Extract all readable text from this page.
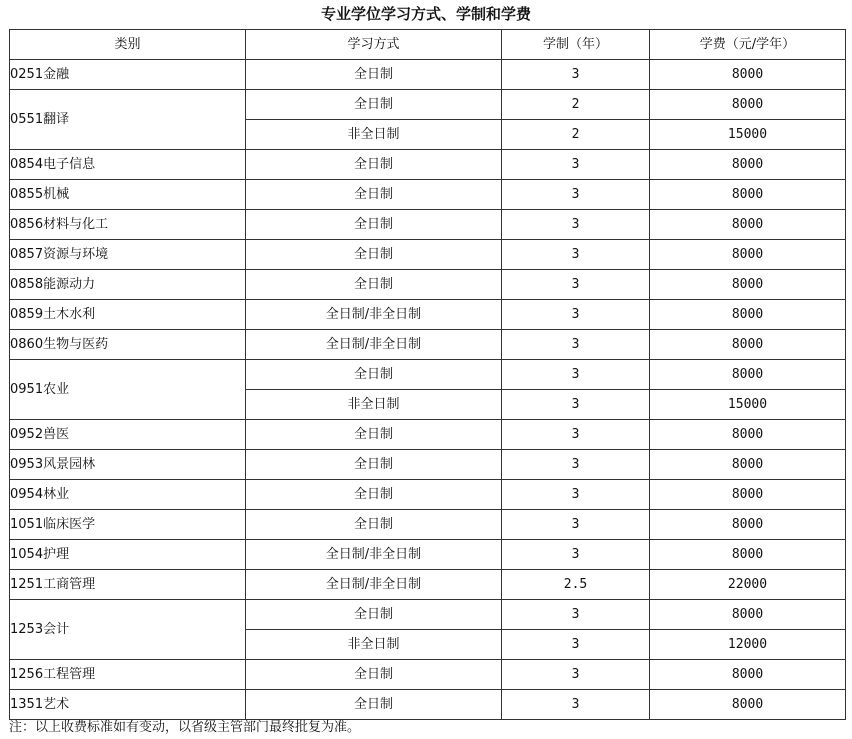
专业学位学习方式、学制和学费
类别	学习方式	学制（年）	学费（元/学年）
0251金融	全日制	3	8000
0551翻译	全日制	2	8000
	非全日制	2	15000
0854电子信息	全日制	3	8000
0855机械	全日制	3	8000
0856材料与化工	全日制	3	8000
0857资源与环境	全日制	3	8000
0858能源动力	全日制	3	8000
0859土木水利	全日制/非全日制	3	8000
0860生物与医药	全日制/非全日制	3	8000
0951农业	全日制	3	8000
	非全日制	3	15000
0952兽医	全日制	3	8000
0953风景园林	全日制	3	8000
0954林业	全日制	3	8000
1051临床医学	全日制	3	8000
1054护理	全日制/非全日制	3	8000
1251工商管理	全日制/非全日制	2.5	22000
1253会计	全日制	3	8000
	非全日制	3	12000
1256工程管理	全日制	3	8000
1351艺术	全日制	3	8000
注：以上收费标准如有变动，以省级主管部门最终批复为准。
